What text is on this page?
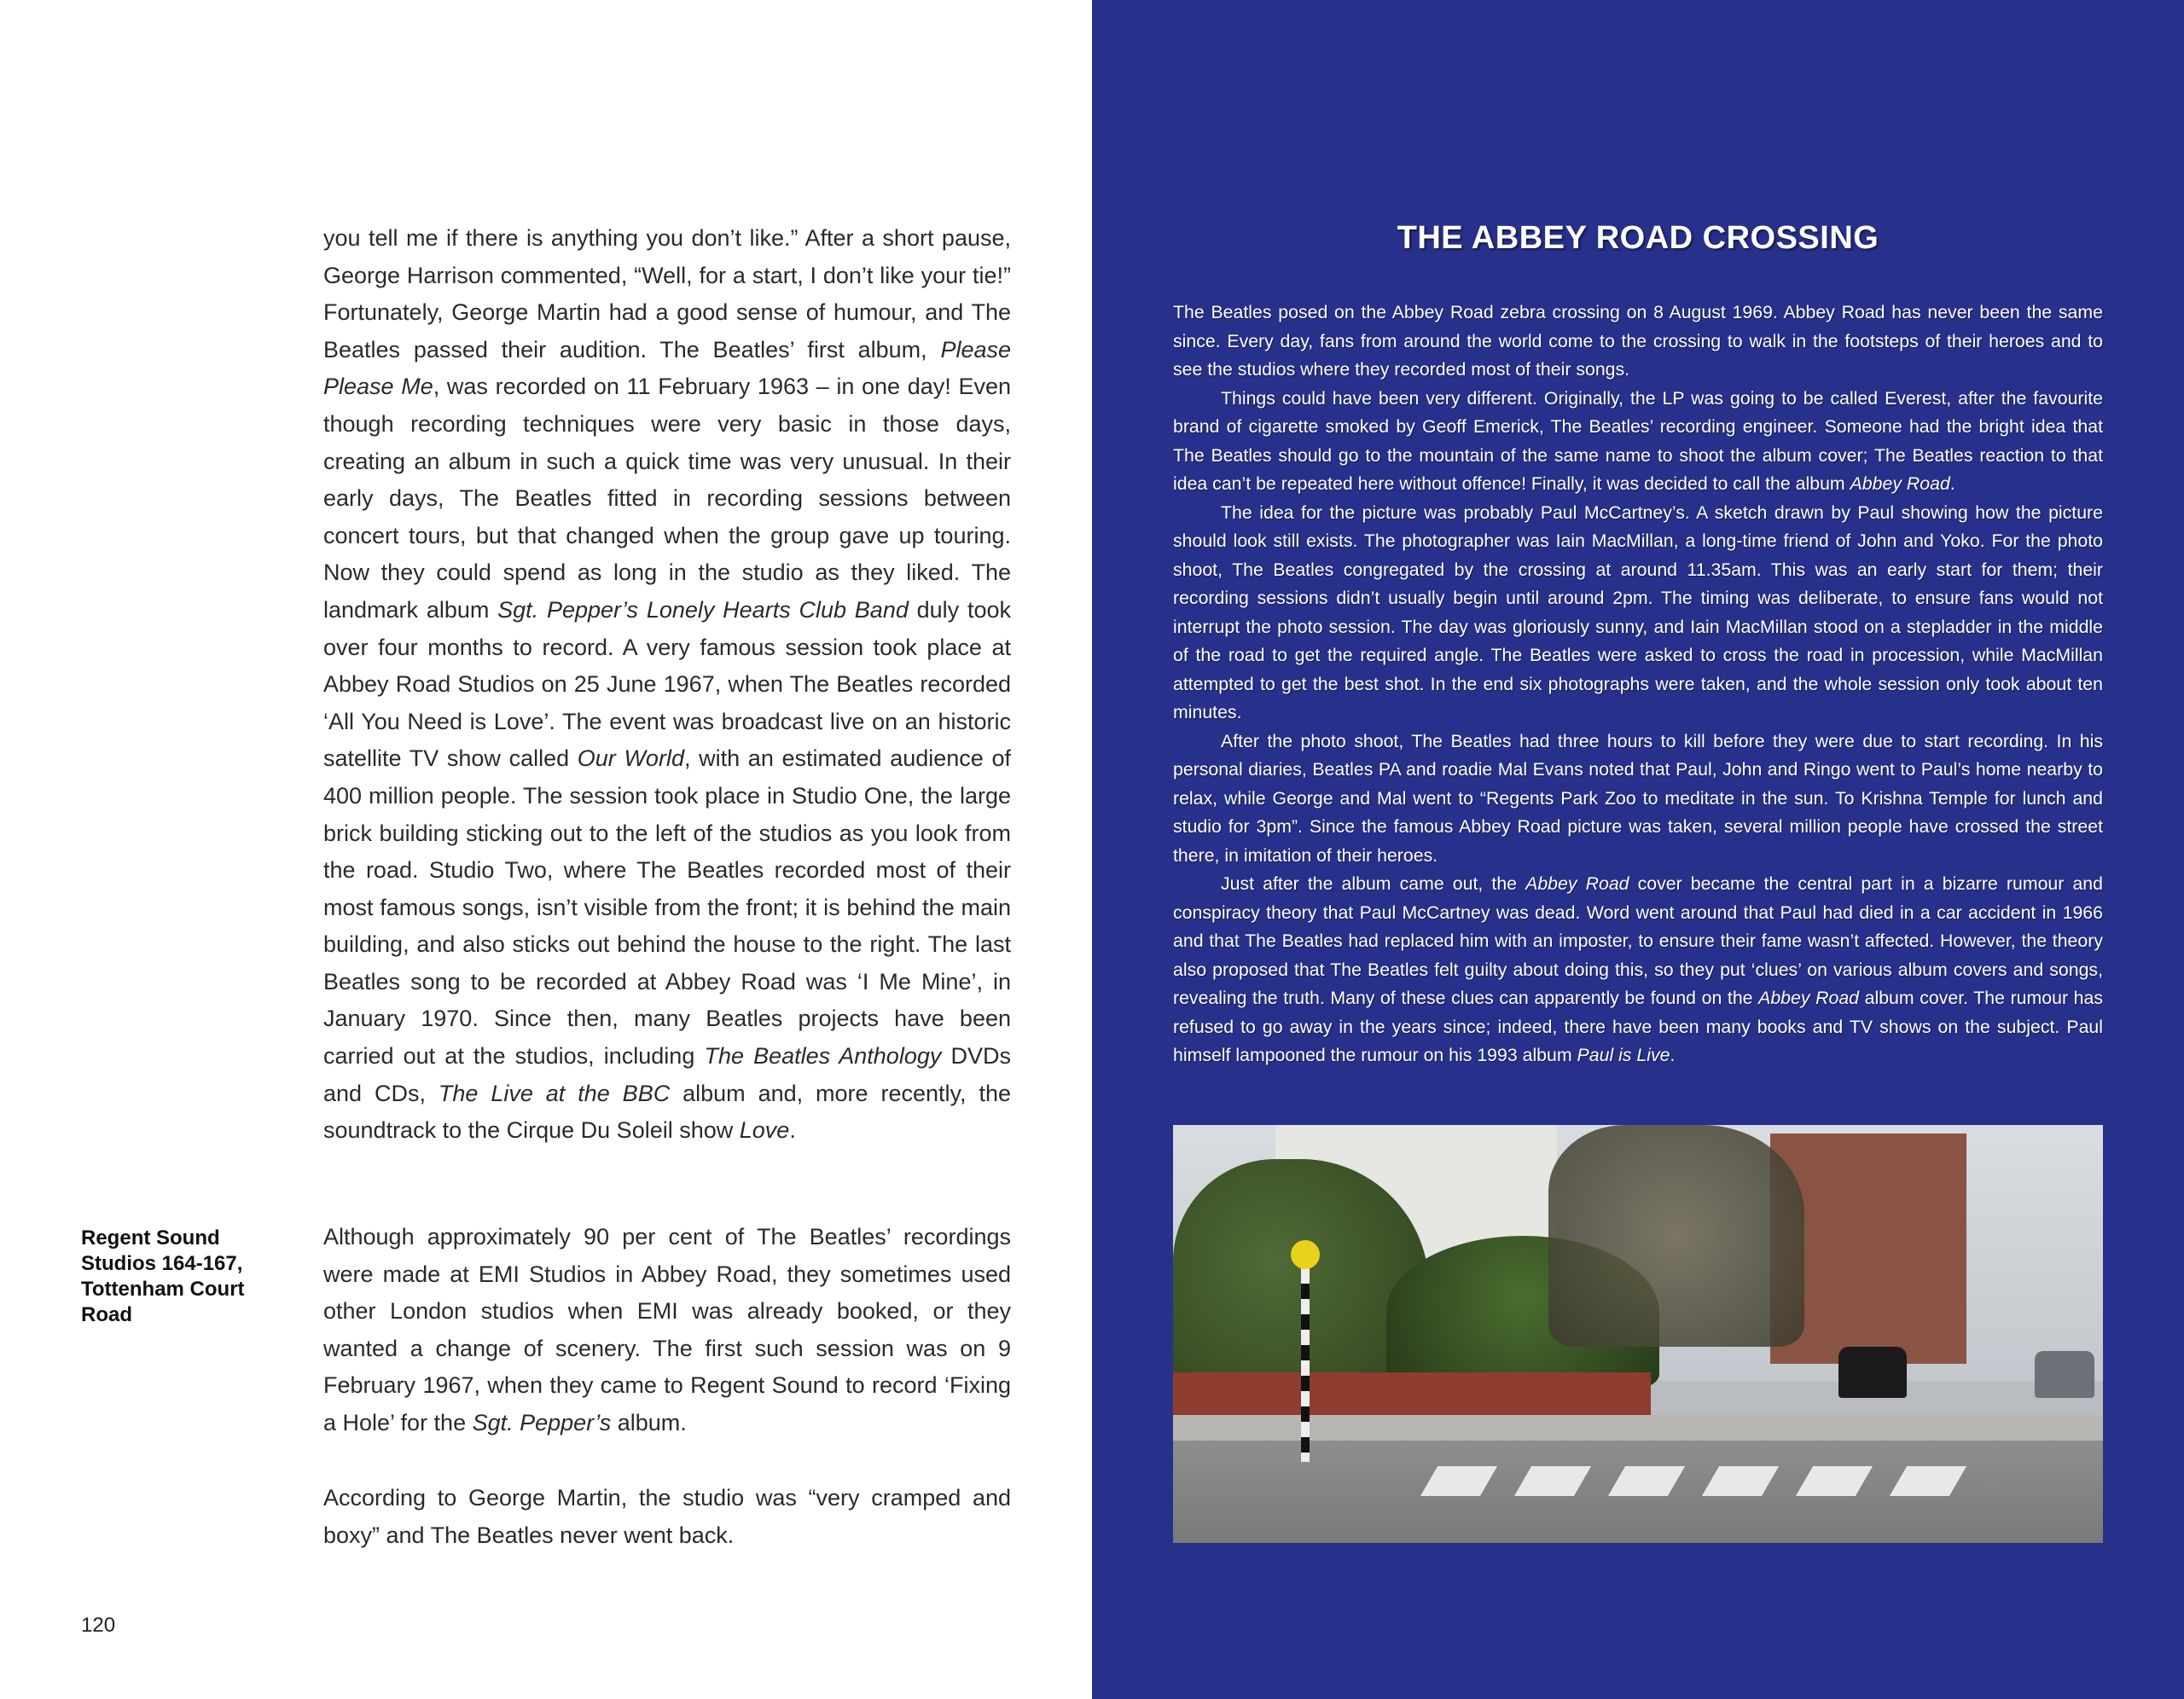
you tell me if there is anything you don’t like.” After a short pause, George Harrison commented, “Well, for a start, I don’t like your tie!” Fortunately, George Martin had a good sense of humour, and The Beatles passed their audition. The Beatles’ first album, Please Please Me, was recorded on 11 February 1963 – in one day! Even though recording techniques were very basic in those days, creating an album in such a quick time was very unusual. In their early days, The Beatles fitted in recording sessions between concert tours, but that changed when the group gave up touring. Now they could spend as long in the studio as they liked. The landmark album Sgt. Pepper’s Lonely Hearts Club Band duly took over four months to record. A very famous session took place at Abbey Road Studios on 25 June 1967, when The Beatles recorded ‘All You Need is Love’. The event was broadcast live on an historic satellite TV show called Our World, with an estimated audience of 400 million people. The session took place in Studio One, the large brick building sticking out to the left of the studios as you look from the road. Studio Two, where The Beatles recorded most of their most famous songs, isn’t visible from the front; it is behind the main building, and also sticks out behind the house to the right. The last Beatles song to be recorded at Abbey Road was ‘I Me Mine’, in January 1970. Since then, many Beatles projects have been carried out at the studios, including The Beatles Anthology DVDs and CDs, The Live at the BBC album and, more recently, the soundtrack to the Cirque Du Soleil show Love.

Regent Sound Studios 164-167, Tottenham Court Road

Although approximately 90 per cent of The Beatles’ recordings were made at EMI Studios in Abbey Road, they sometimes used other London studios when EMI was already booked, or they wanted a change of scenery. The first such session was on 9 February 1967, when they came to Regent Sound to record ‘Fixing a Hole’ for the Sgt. Pepper’s album.

According to George Martin, the studio was “very cramped and boxy” and The Beatles never went back.

120
THE ABBEY ROAD CROSSING

The Beatles posed on the Abbey Road zebra crossing on 8 August 1969. Abbey Road has never been the same since. Every day, fans from around the world come to the crossing to walk in the footsteps of their heroes and to see the studios where they recorded most of their songs.

Things could have been very different. Originally, the LP was going to be called Everest, after the favourite brand of cigarette smoked by Geoff Emerick, The Beatles’ recording engineer. Someone had the bright idea that The Beatles should go to the mountain of the same name to shoot the album cover; The Beatles reaction to that idea can’t be repeated here without offence! Finally, it was decided to call the album Abbey Road.

The idea for the picture was probably Paul McCartney’s. A sketch drawn by Paul showing how the picture should look still exists. The photographer was Iain MacMillan, a long-time friend of John and Yoko. For the photo shoot, The Beatles congregated by the crossing at around 11.35am. This was an early start for them; their recording sessions didn’t usually begin until around 2pm. The timing was deliberate, to ensure fans would not interrupt the photo session. The day was gloriously sunny, and Iain MacMillan stood on a stepladder in the middle of the road to get the required angle. The Beatles were asked to cross the road in procession, while MacMillan attempted to get the best shot. In the end six photographs were taken, and the whole session only took about ten minutes.

After the photo shoot, The Beatles had three hours to kill before they were due to start recording. In his personal diaries, Beatles PA and roadie Mal Evans noted that Paul, John and Ringo went to Paul’s home nearby to relax, while George and Mal went to “Regents Park Zoo to meditate in the sun. To Krishna Temple for lunch and studio for 3pm”. Since the famous Abbey Road picture was taken, several million people have crossed the street there, in imitation of their heroes.

Just after the album came out, the Abbey Road cover became the central part in a bizarre rumour and conspiracy theory that Paul McCartney was dead. Word went around that Paul had died in a car accident in 1966 and that The Beatles had replaced him with an imposter, to ensure their fame wasn’t affected. However, the theory also proposed that The Beatles felt guilty about doing this, so they put ‘clues’ on various album covers and songs, revealing the truth. Many of these clues can apparently be found on the Abbey Road album cover. The rumour has refused to go away in the years since; indeed, there have been many books and TV shows on the subject. Paul himself lampooned the rumour on his 1993 album Paul is Live.
